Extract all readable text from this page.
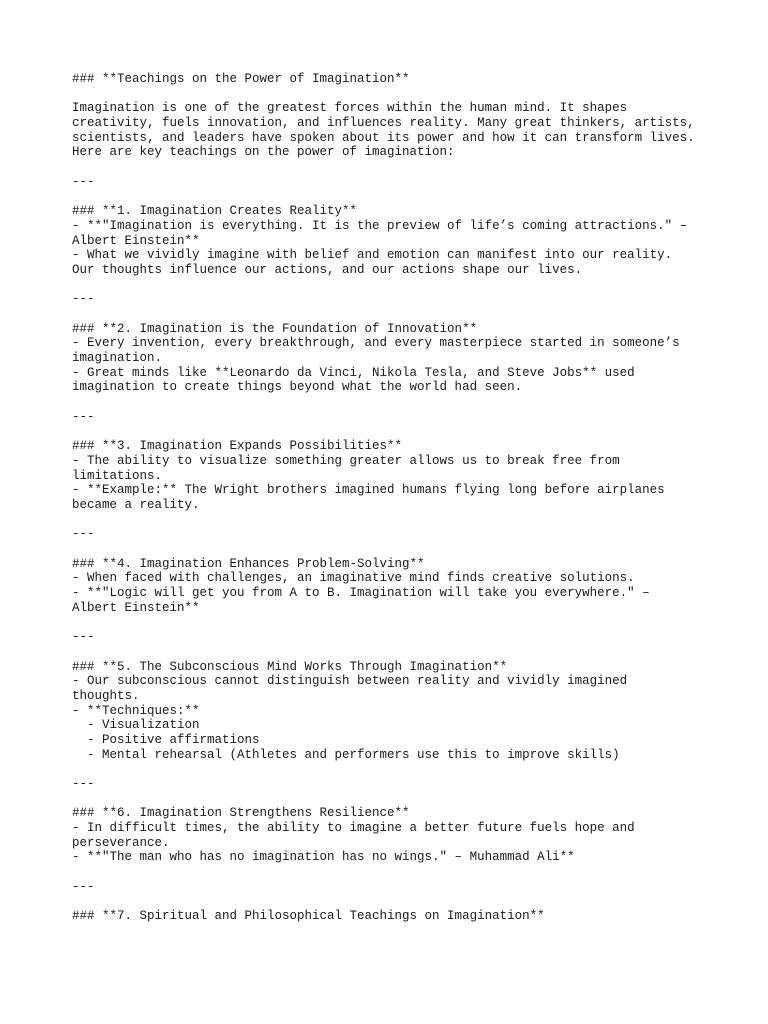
### **Teachings on the Power of Imagination**
Imagination is one of the greatest forces within the human mind. It shapes
creativity, fuels innovation, and influences reality. Many great thinkers, artists,
scientists, and leaders have spoken about its power and how it can transform lives.
Here are key teachings on the power of imagination:
---
### **1. Imagination Creates Reality**
- **"Imagination is everything. It is the preview of life’s coming attractions." –
Albert Einstein**
- What we vividly imagine with belief and emotion can manifest into our reality.
Our thoughts influence our actions, and our actions shape our lives.
---
### **2. Imagination is the Foundation of Innovation**
- Every invention, every breakthrough, and every masterpiece started in someone’s
imagination.
- Great minds like **Leonardo da Vinci, Nikola Tesla, and Steve Jobs** used
imagination to create things beyond what the world had seen.
---
### **3. Imagination Expands Possibilities**
- The ability to visualize something greater allows us to break free from
limitations.
- **Example:** The Wright brothers imagined humans flying long before airplanes
became a reality.
---
### **4. Imagination Enhances Problem-Solving**
- When faced with challenges, an imaginative mind finds creative solutions.
- **"Logic will get you from A to B. Imagination will take you everywhere." –
Albert Einstein**
---
### **5. The Subconscious Mind Works Through Imagination**
- Our subconscious cannot distinguish between reality and vividly imagined
thoughts.
- **Techniques:**
- Visualization
- Positive affirmations
- Mental rehearsal (Athletes and performers use this to improve skills)
---
### **6. Imagination Strengthens Resilience**
- In difficult times, the ability to imagine a better future fuels hope and
perseverance.
- **"The man who has no imagination has no wings." – Muhammad Ali**
---
### **7. Spiritual and Philosophical Teachings on Imagination**
